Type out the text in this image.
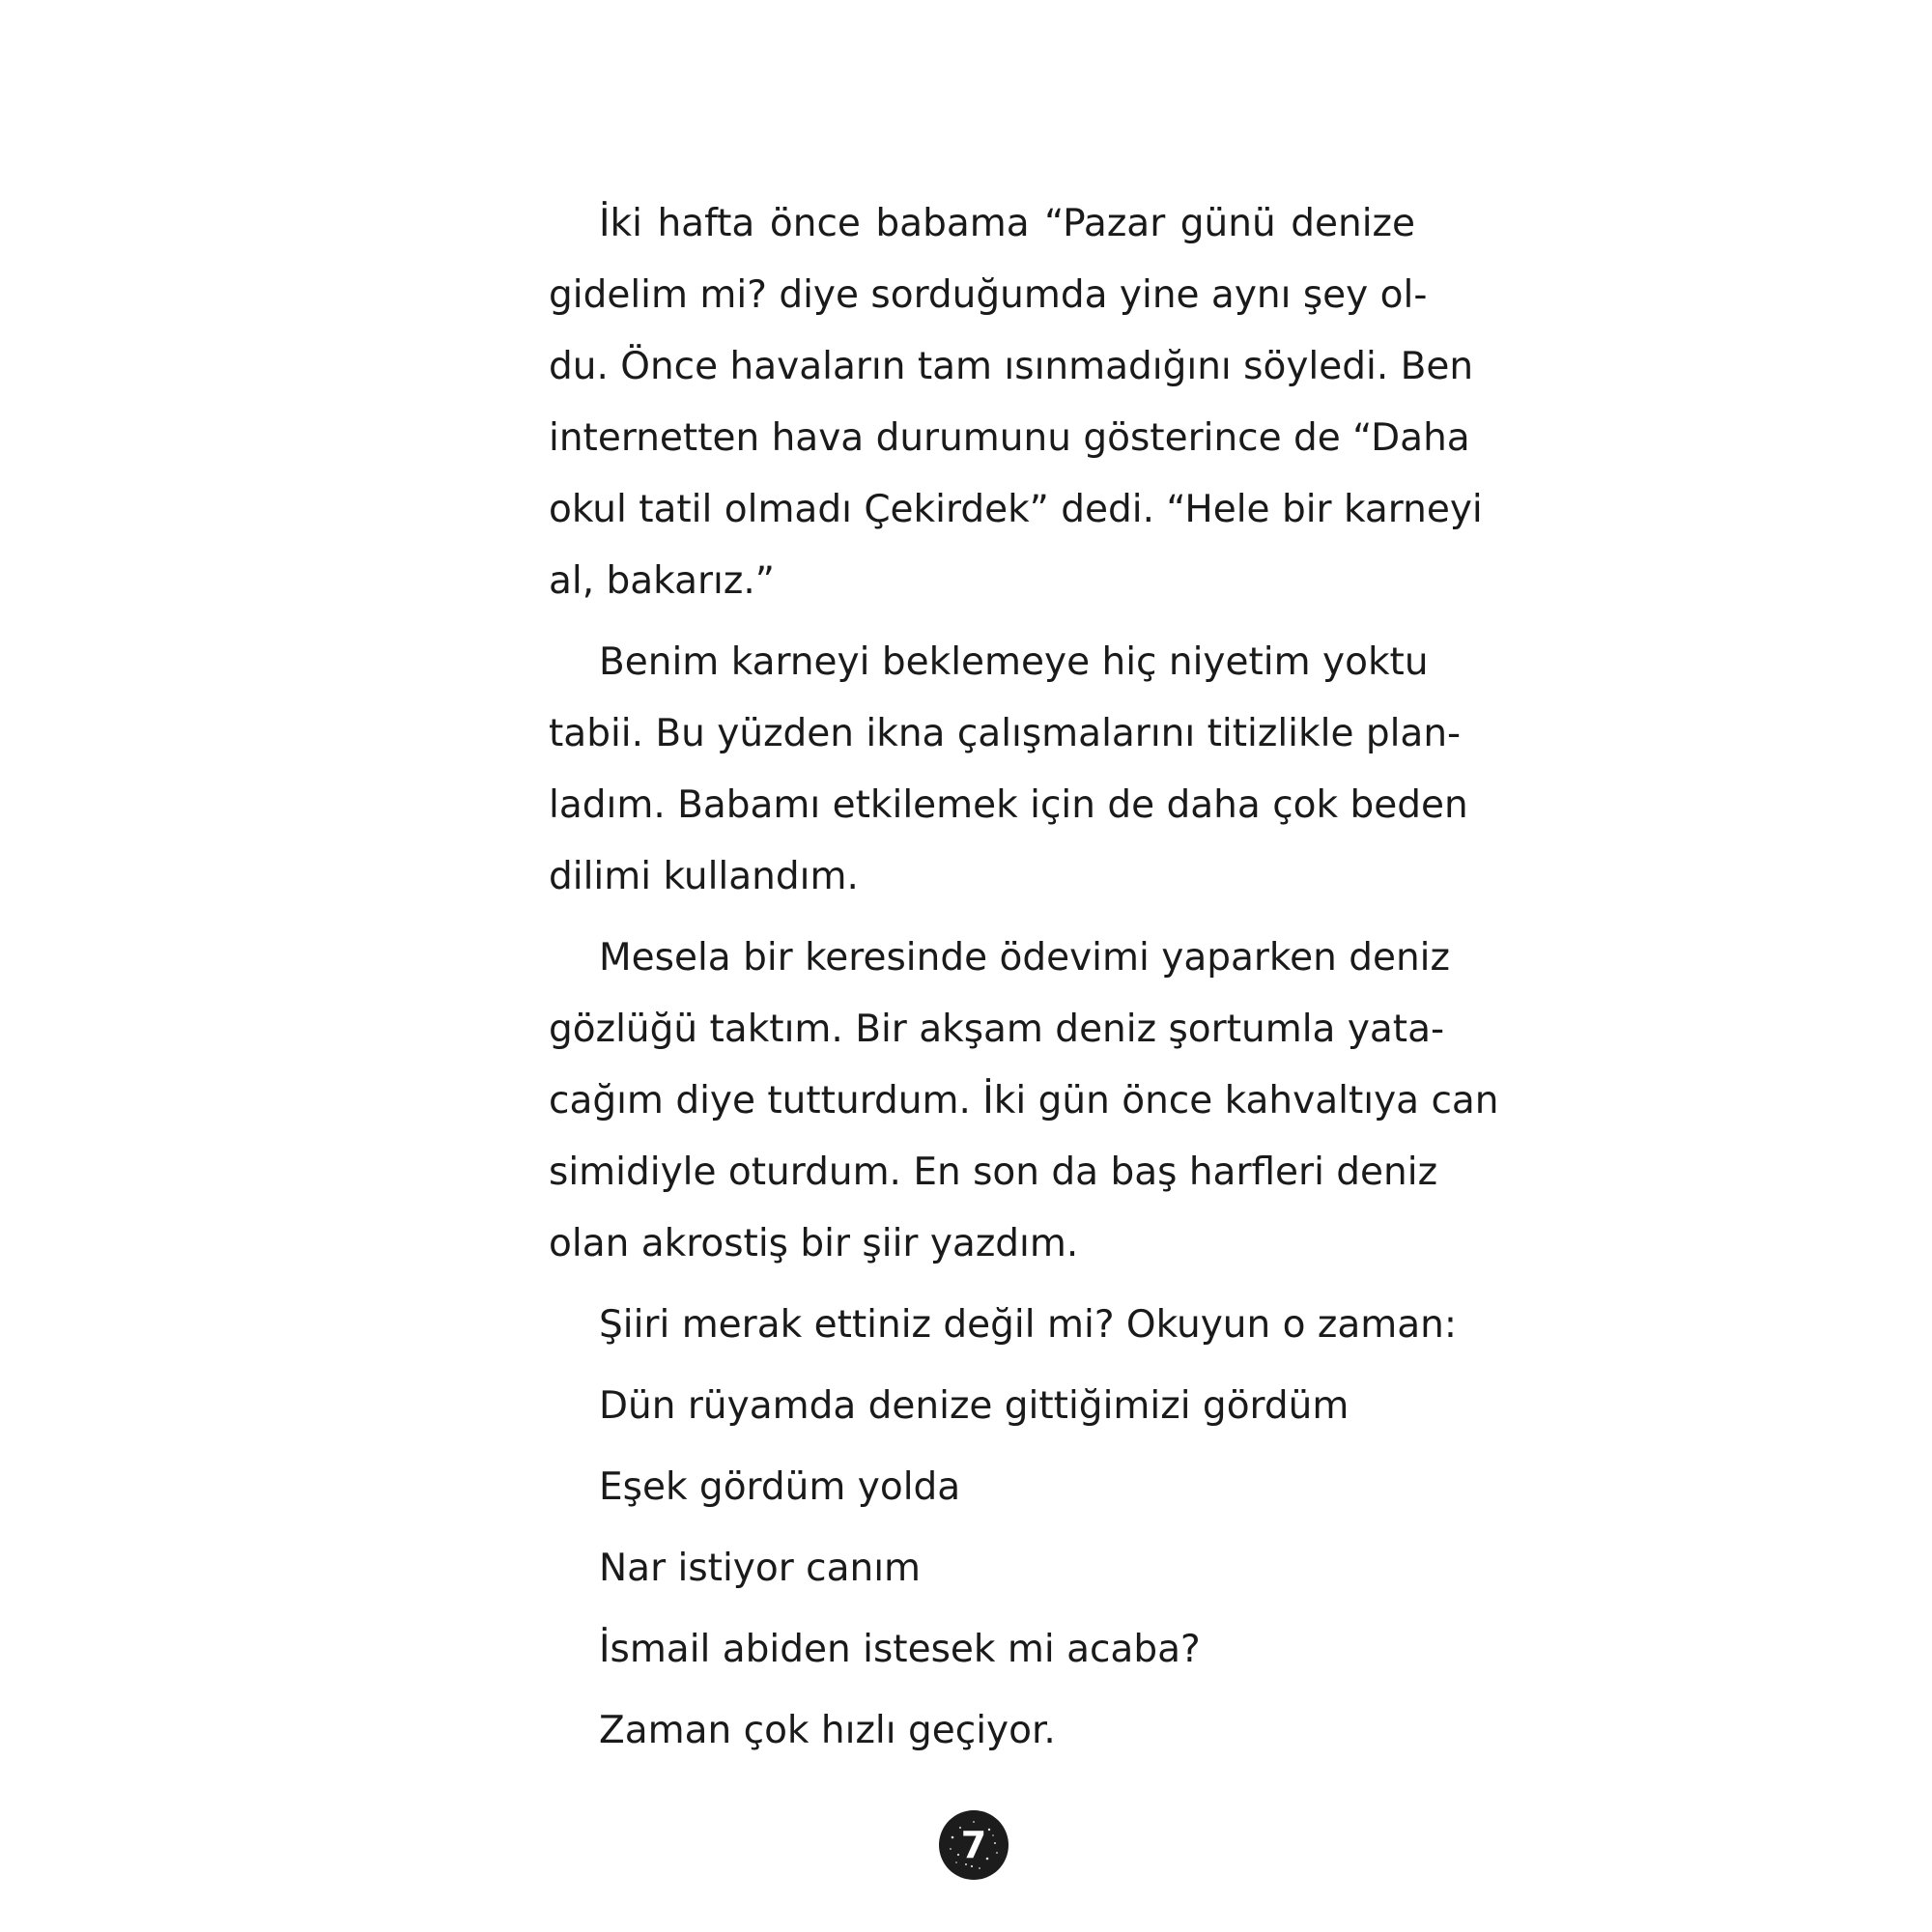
İki hafta önce babama “Pazar günü denize
gidelim mi? diye sorduğumda yine aynı şey ol-
du. Önce havaların tam ısınmadığını söyledi. Ben
internetten hava durumunu gösterince de “Daha
okul tatil olmadı Çekirdek” dedi. “Hele bir karneyi
al, bakarız.”
Benim karneyi beklemeye hiç niyetim yoktu
tabii. Bu yüzden ikna çalışmalarını titizlikle plan-
ladım. Babamı etkilemek için de daha çok beden
dilimi kullandım.
Mesela bir keresinde ödevimi yaparken deniz
gözlüğü taktım. Bir akşam deniz şortumla yata-
cağım diye tutturdum. İki gün önce kahvaltıya can
simidiyle oturdum. En son da baş harfleri deniz
olan akrostiş bir şiir yazdım.
Şiiri merak ettiniz değil mi? Okuyun o zaman:
Dün rüyamda denize gittiğimizi gördüm
Eşek gördüm yolda
Nar istiyor canım
İsmail abiden istesek mi acaba?
Zaman çok hızlı geçiyor.
7
